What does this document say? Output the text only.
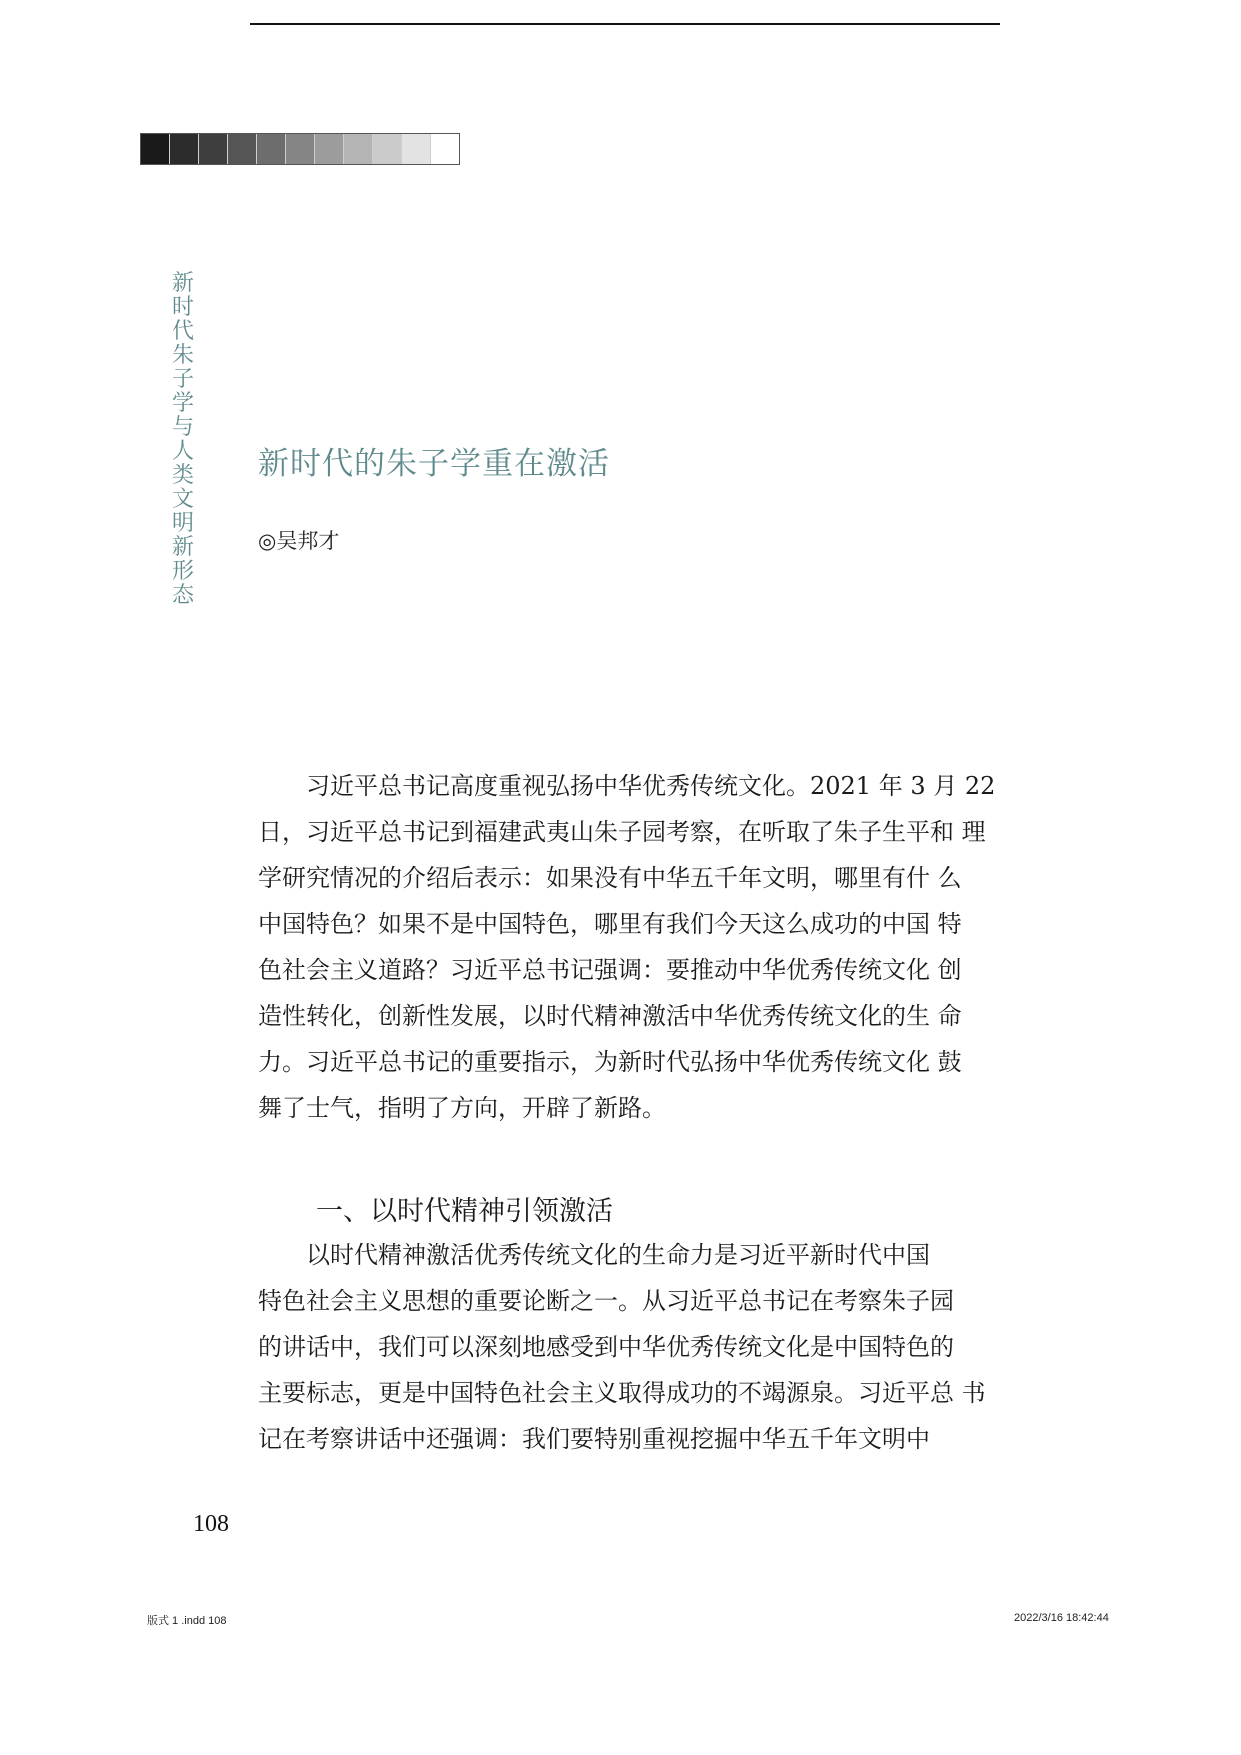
新时代朱子学与人类文明新形态
新时代的朱子学重在激活
◎吴邦才
　　习近平总书记高度重视弘扬中华优秀传统文化。2021 年 3 月 22
日，习近平总书记到福建武夷山朱子园考察，在听取了朱子生平和 理
学研究情况的介绍后表示：如果没有中华五千年文明，哪里有什 么
中国特色？如果不是中国特色，哪里有我们今天这么成功的中国 特
色社会主义道路？习近平总书记强调：要推动中华优秀传统文化 创
造性转化，创新性发展，以时代精神激活中华优秀传统文化的生 命
力。习近平总书记的重要指示，为新时代弘扬中华优秀传统文化 鼓
舞了士气，指明了方向，开辟了新路。
一、以时代精神引领激活
　　以时代精神激活优秀传统文化的生命力是习近平新时代中国
特色社会主义思想的重要论断之一。从习近平总书记在考察朱子园
的讲话中，我们可以深刻地感受到中华优秀传统文化是中国特色的
主要标志，更是中国特色社会主义取得成功的不竭源泉。习近平总 书
记在考察讲话中还强调：我们要特别重视挖掘中华五千年文明中
108
版式 1 .indd 108	2022/3/16 18:42:44
